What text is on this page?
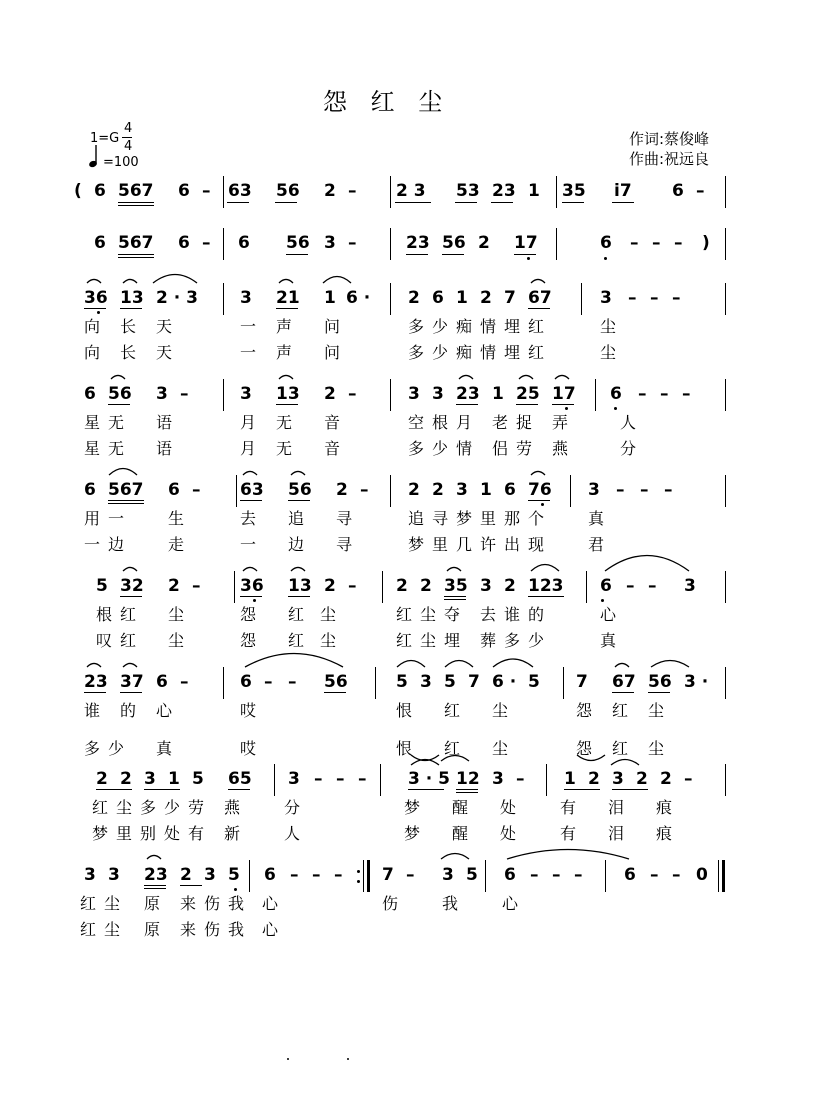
怨 红 尘
1=G
4
4
=100
作词:蔡俊峰
作曲:祝远良
( 6 567 6 – 63 56 2 – 2 3 53 23 1 35 i7 6 –
6 567 6 – 6 56 3 –	23 56 2 17	6 – – – )
36 13 2 · 3 3 21 1 6 · 2 6 1 2 7 67	3 – – –
向 长 天	一 声 问	多 少 痴 情 埋 红	尘
向 长 天	一 声 问	多 少 痴 情 埋 红	尘
6 56 3 –	3 13 2 –	3 3 23 1 25 17 6 – – –
星 无 语	月 无 音	空 根 月 老 捉 弄	人
星 无 语	月 无 音	多 少 情 侣 劳 燕	分
6 567 6 – 63 56 2 – 2 2 3 1 6 76 3 – – –
用 一	生	去 追 寻	追 寻 梦 里 那 个	真
一 边	走	一 边 寻	梦 里 几 许 出 现	君
5 32 2 – 36 13 2 – 2 2 35 3 2 123 6 – – 3
根 红 尘	怨 红 尘	红 尘 夺 去 谁 的	心
叹 红 尘	怨 红 尘	红 尘 埋 葬 多 少	真
23 37 6 –	6 – – 56	5 3 5 7 6 · 5 7 67 56 3 ·
谁 的 心	哎	恨 红 尘	怨 红 尘
多 少 真	哎	恨 红 尘	怨 红 尘
2 2 3 1 5 65 3 – – – 3 · 5 12 3 – 1 2 3 2 2 –
红 尘 多 少 劳 燕	分	梦 醒 处	有 泪 痕
梦 里 别 处 有 新	人	梦 醒 处	有 泪 痕
3 3 23 2 3 5 6 – – – 7 – 3 5 6 – – – 6 – – 0
红 尘 原 来 伤 我 心	伤	我	心
红 尘 原 来 伤 我 心
